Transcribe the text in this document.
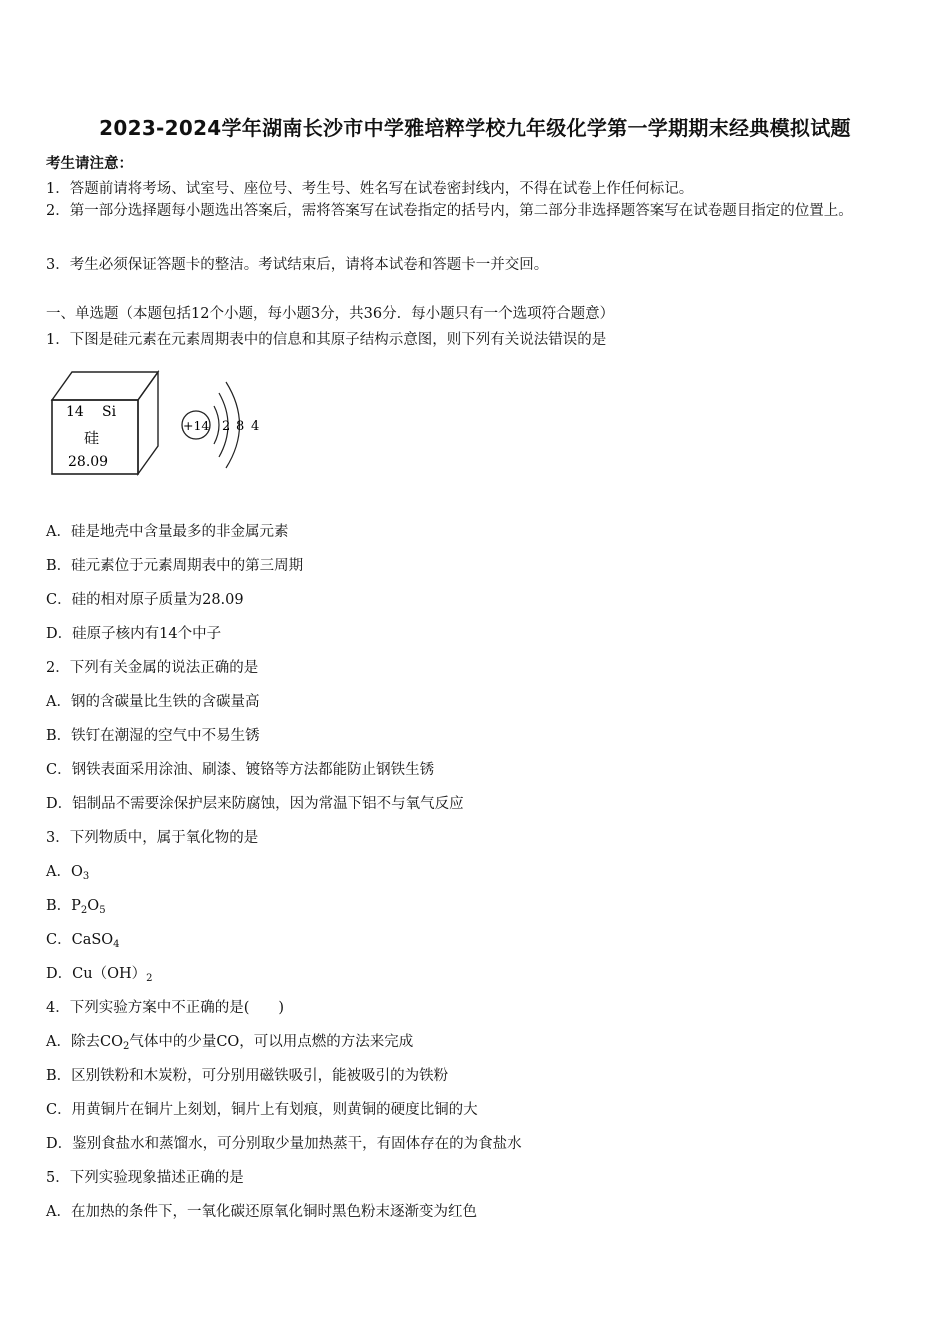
2023-2024学年湖南长沙市中学雅培粹学校九年级化学第一学期期末经典模拟试题
考生请注意：
1．答题前请将考场、试室号、座位号、考生号、姓名写在试卷密封线内，不得在试卷上作任何标记。
2．第一部分选择题每小题选出答案后，需将答案写在试卷指定的括号内，第二部分非选择题答案写在试卷题目指定的位置上。
3．考生必须保证答题卡的整洁。考试结束后，请将本试卷和答题卡一并交回。
一、单选题（本题包括12个小题，每小题3分，共36分．每小题只有一个选项符合题意）
1．下图是硅元素在元素周期表中的信息和其原子结构示意图，则下列有关说法错误的是
14 Si
硅
28.09
+14 2 8 4
A．硅是地壳中含量最多的非金属元素
B．硅元素位于元素周期表中的第三周期
C．硅的相对原子质量为28.09
D．硅原子核内有14个中子
2．下列有关金属的说法正确的是
A．钢的含碳量比生铁的含碳量高
B．铁钉在潮湿的空气中不易生锈
C．钢铁表面采用涂油、刷漆、镀铬等方法都能防止钢铁生锈
D．铝制品不需要涂保护层来防腐蚀，因为常温下铝不与氧气反应
3．下列物质中，属于氧化物的是
A．$O_3$
B．$P_2O_5$
C．CaSO$_4$
D．$Cu(OH)_2$
4．下列实验方案中不正确的是(　　)
A．除去$CO_2$气体中的少量CO，可以用点燃的方法来完成
B．区别铁粉和木炭粉，可分别用磁铁吸引，能被吸引的为铁粉
C．用黄铜片在铜片上刻划，铜片上有划痕，则黄铜的硬度比铜的大
D．鉴别食盐水和蒸馏水，可分别取少量加热蒸干，有固体存在的为食盐水
5．下列实验现象描述正确的是
A．在加热的条件下，一氧化碳还原氧化铜时黑色粉末逐渐变为红色
